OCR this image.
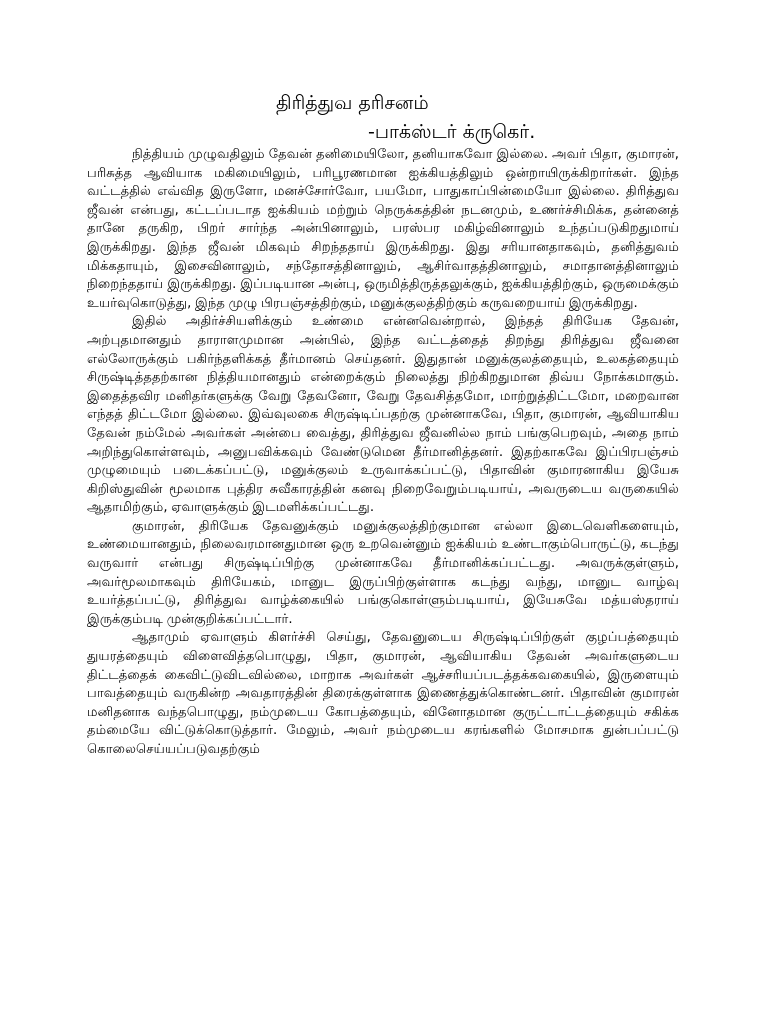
திரித்துவ தரிசனம்
-பாக்ஸ்டர் க்ருகெர்.

நித்தியம் முழுவதிலும் தேவன் தனிமையிலோ, தனியாகவோ இல்லை. அவர் பிதா, குமாரன், பரிசுத்த ஆவியாக மகிமையிலும், பரிபூரணமான ஐக்கியத்திலும் ஒன்றாயிருக்கிறார்கள். இந்த வட்டத்தில் எவ்வித இருளோ, மனச்சோர்வோ, பயமோ, பாதுகாப்பின்மையோ இல்லை. திரித்துவ ஜீவன் என்பது, கட்டப்படாத ஐக்கியம் மற்றும் நெருக்கத்தின் நடனமும், உணர்ச்சிமிக்க, தன்னைத் தானே தருகிற, பிறர் சார்ந்த அன்பினாலும், பரஸ்பர மகிழ்வினாலும் உந்தப்படுகிறதுமாய் இருக்கிறது. இந்த ஜீவன் மிகவும் சிறந்ததாய் இருக்கிறது. இது சரியானதாகவும், தனித்துவம் மிக்கதாயும், இசைவினாலும், சந்தோசத்தினாலும், ஆசிர்வாதத்தினாலும், சமாதானத்தினாலும் நிறைந்ததாய் இருக்கிறது. இப்படியான அன்பு, ஒருமித்திருத்தலுக்கும், ஐக்கியத்திற்கும், ஒருமைக்கும் உயர்வுகொடுத்து, இந்த முழு பிரபஞ்சத்திற்கும், மனுக்குலத்திற்கும் கருவறையாய் இருக்கிறது.

இதில் அதிர்ச்சியளிக்கும் உண்மை என்னவென்றால், இந்தத் திரியேக தேவன், அற்புதமானதும் தாராளமுமான அன்பில், இந்த வட்டத்தைத் திறந்து திரித்துவ ஜீவனை எல்லோருக்கும் பகிர்ந்தளிக்கத் தீர்மானம் செய்தனர். இதுதான் மனுக்குலத்தையும், உலகத்தையும் சிருஷ்டித்ததற்கான நித்தியமானதும் என்றைக்கும் நிலைத்து நிற்கிறதுமான திவ்ய நோக்கமாகும். இதைத்தவிர மனிதர்களுக்கு வேறு தேவனோ, வேறு தேவசித்தமோ, மாற்றுத்திட்டமோ, மறைவான எந்தத் திட்டமோ இல்லை. இவ்வுலகை சிருஷ்டிப்பதற்கு முன்னாகவே, பிதா, குமாரன், ஆவியாகிய தேவன் நம்மேல் அவர்கள் அன்பை வைத்து, திரித்துவ ஜீவனில்ல நாம் பங்குபெறவும், அதை நாம் அறிந்துகொள்ளவும், அனுபவிக்கவும் வேண்டுமென தீர்மானித்தனர். இதற்காகவே இப்பிரபஞ்சம் முழுமையும் படைக்கப்பட்டு, மனுக்குலம் உருவாக்கப்பட்டு, பிதாவின் குமாரனாகிய இயேசு கிறிஸ்துவின் மூலமாக புத்திர சுவீகாரத்தின் கனவு நிறைவேறும்படியாய், அவருடைய வருகையில் ஆதாமிற்கும், ஏவாளுக்கும் இடமளிக்கப்பட்டது.

குமாரன், திரியேக தேவனுக்கும் மனுக்குலத்திற்குமான எல்லா இடைவெளிகளையும், உண்மையானதும், நிலைவரமானதுமான ஒரு உறவென்னும் ஐக்கியம் உண்டாகும்பொருட்டு, கடந்து வருவார் என்பது சிருஷ்டிப்பிற்கு முன்னாகவே தீர்மானிக்கப்பட்டது. அவருக்குள்ளும், அவர்மூலமாகவும் திரியேகம், மானுட இருப்பிற்குள்ளாக கடந்து வந்து, மானுட வாழ்வு உயர்த்தப்பட்டு, திரித்துவ வாழ்க்கையில் பங்குகொள்ளும்படியாய், இயேசுவே மத்யஸ்தராய் இருக்கும்படி முன்குறிக்கப்பட்டார்.

ஆதாமும் ஏவாளும் கிளர்ச்சி செய்து, தேவனுடைய சிருஷ்டிப்பிற்குள் குழப்பத்தையும் துயரத்தையும் விளைவித்தபொழுது, பிதா, குமாரன், ஆவியாகிய தேவன் அவர்களுடைய திட்டத்தைக் கைவிட்டுவிடவில்லை, மாறாக அவர்கள் ஆச்சரியப்படத்தக்கவகையில், இருளையும் பாவத்தையும் வருகின்ற அவதாரத்தின் திரைக்குள்ளாக இணைத்துக்கொண்டனர். பிதாவின் குமாரன் மனிதனாக வந்தபொழுது, நம்முடைய கோபத்தையும், வினோதமான குருட்டாட்டத்தையும் சகிக்க தம்மையே விட்டுக்கொடுத்தார். மேலும், அவர் நம்முடைய கரங்களில் மோசமாக துன்பப்பட்டு கொலைசெய்யப்படுவதற்கும்
